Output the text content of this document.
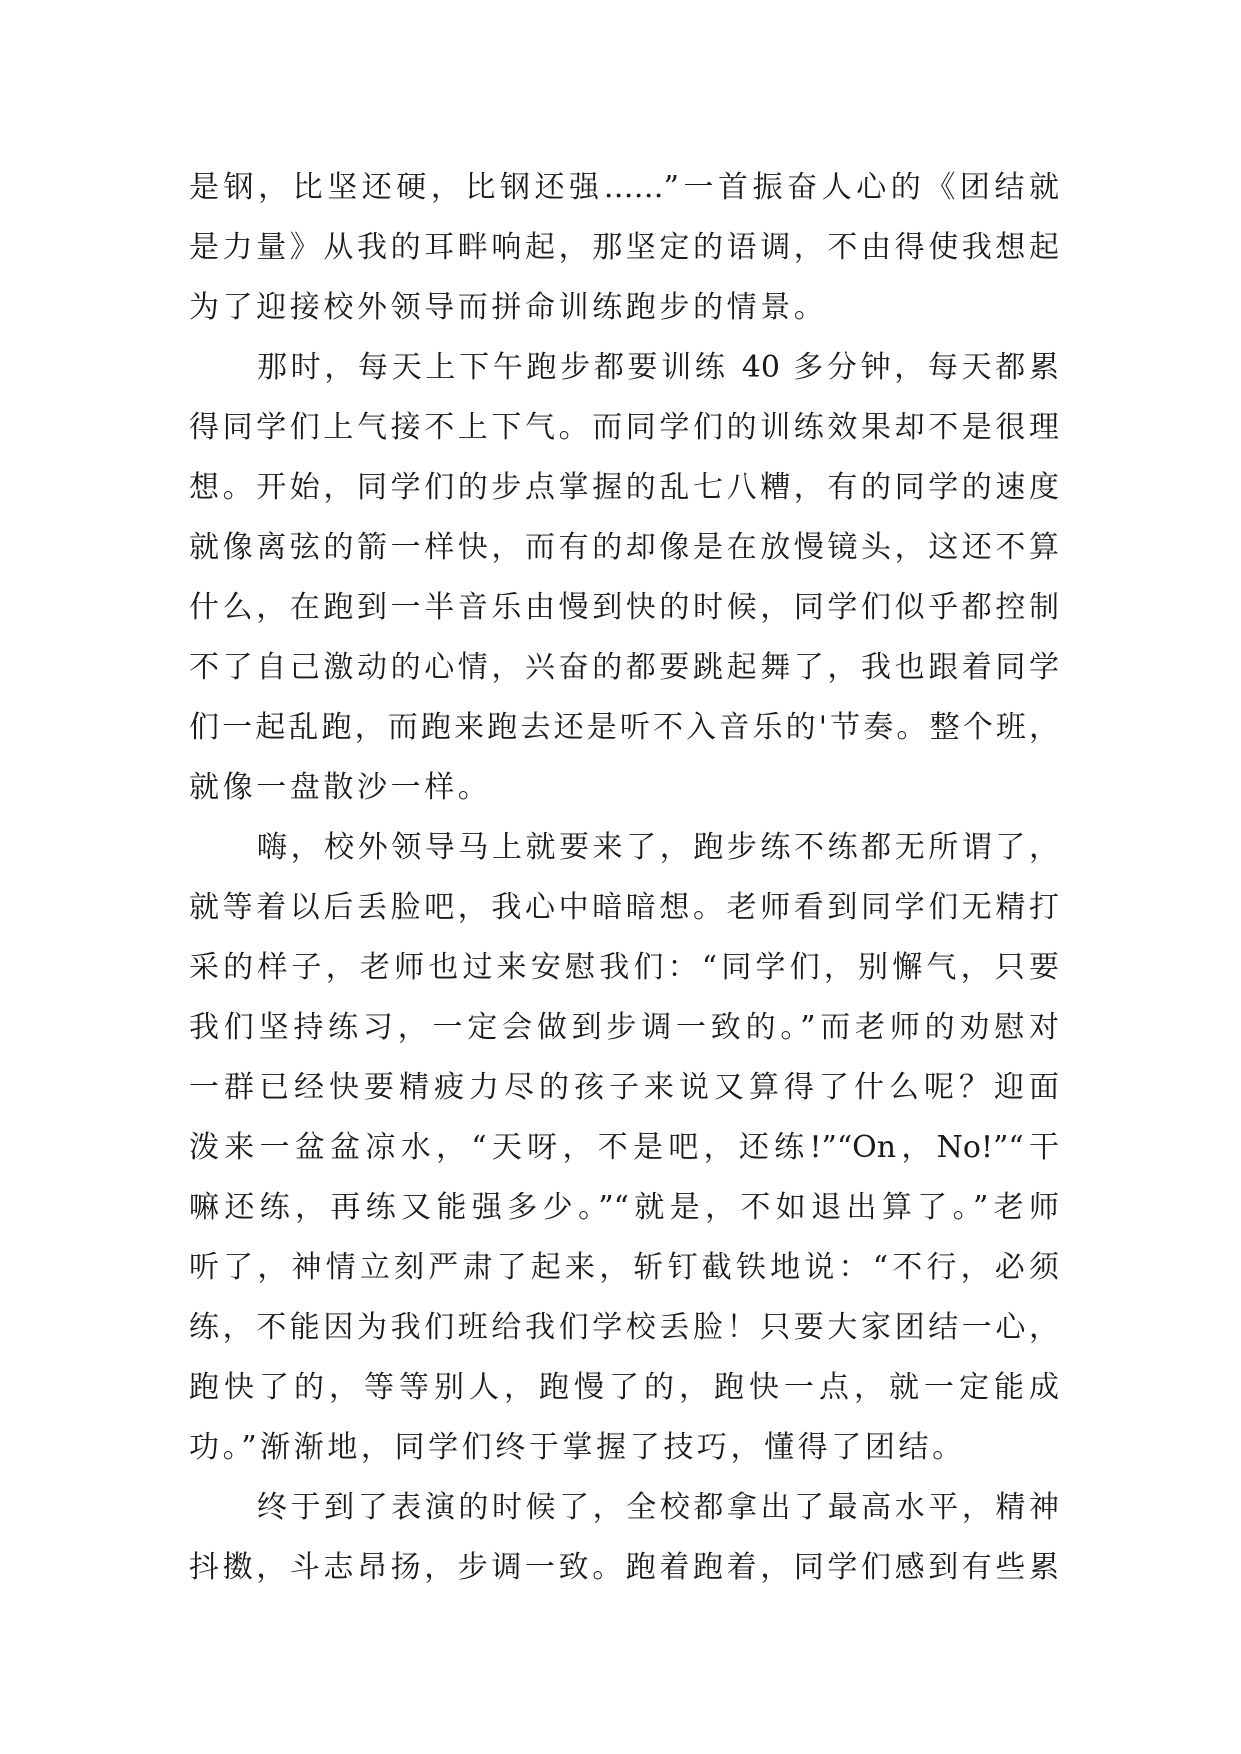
是钢，比坚还硬，比钢还强……”一首振奋人心的《团结就
是力量》从我的耳畔响起，那坚定的语调，不由得使我想起
为了迎接校外领导而拼命训练跑步的情景。
那时，每天上下午跑步都要训练 40 多分钟，每天都累
得同学们上气接不上下气。而同学们的训练效果却不是很理
想。开始，同学们的步点掌握的乱七八糟，有的同学的速度
就像离弦的箭一样快，而有的却像是在放慢镜头，这还不算
什么，在跑到一半音乐由慢到快的时候，同学们似乎都控制
不了自己激动的心情，兴奋的都要跳起舞了，我也跟着同学
们一起乱跑，而跑来跑去还是听不入音乐的'节奏。整个班，
就像一盘散沙一样。
嗨，校外领导马上就要来了，跑步练不练都无所谓了，
就等着以后丢脸吧，我心中暗暗想。老师看到同学们无精打
采的样子，老师也过来安慰我们：“同学们，别懈气，只要
我们坚持练习，一定会做到步调一致的。”而老师的劝慰对
一群已经快要精疲力尽的孩子来说又算得了什么呢？迎面
泼来一盆盆凉水，“天呀，不是吧，还练!”“On，No!”“干
嘛还练，再练又能强多少。”“就是，不如退出算了。”老师
听了，神情立刻严肃了起来，斩钉截铁地说：“不行，必须
练，不能因为我们班给我们学校丢脸！只要大家团结一心，
跑快了的，等等别人，跑慢了的，跑快一点，就一定能成
功。”渐渐地，同学们终于掌握了技巧，懂得了团结。
终于到了表演的时候了，全校都拿出了最高水平，精神
抖擞，斗志昂扬，步调一致。跑着跑着，同学们感到有些累
